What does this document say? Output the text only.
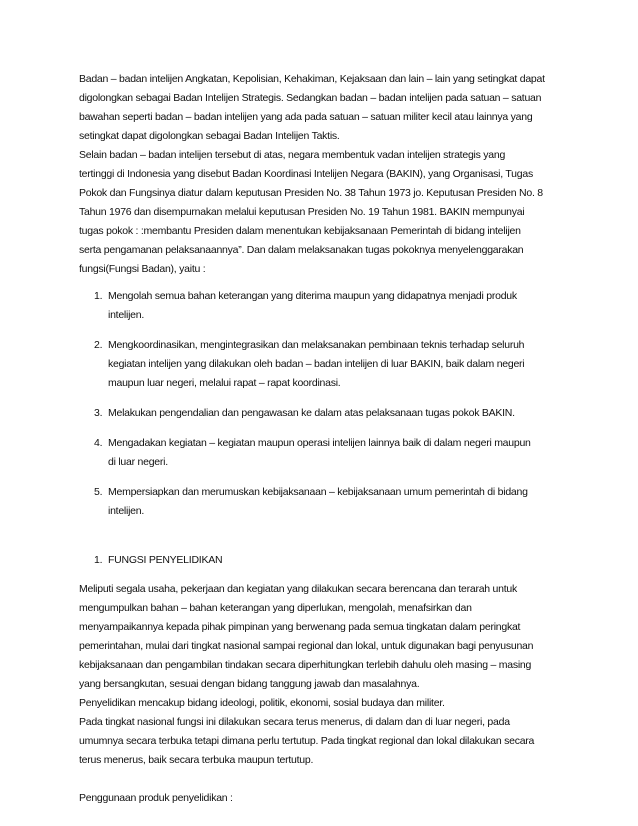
Badan – badan intelijen Angkatan, Kepolisian, Kehakiman, Kejaksaan dan lain – lain yang setingkat dapat
digolongkan sebagai Badan Intelijen Strategis. Sedangkan badan – badan intelijen pada satuan – satuan
bawahan seperti badan – badan intelijen yang ada pada satuan – satuan militer kecil atau lainnya yang
setingkat dapat digolongkan sebagai Badan Intelijen Taktis.
Selain badan – badan intelijen tersebut di atas, negara membentuk vadan intelijen strategis yang
tertinggi di Indonesia yang disebut Badan Koordinasi Intelijen Negara (BAKIN), yang Organisasi, Tugas
Pokok dan Fungsinya diatur dalam keputusan Presiden No. 38 Tahun 1973 jo. Keputusan Presiden No. 8
Tahun 1976 dan disempurnakan melalui keputusan Presiden No. 19 Tahun 1981. BAKIN mempunyai
tugas pokok : :membantu Presiden dalam menentukan kebijaksanaan Pemerintah di bidang intelijen
serta pengamanan pelaksanaannya”. Dan dalam melaksanakan tugas pokoknya menyelenggarakan
fungsi(Fungsi Badan), yaitu :
1. Mengolah semua bahan keterangan yang diterima maupun yang didapatnya menjadi produk
intelijen.
2. Mengkoordinasikan, mengintegrasikan dan melaksanakan pembinaan teknis terhadap seluruh
kegiatan intelijen yang dilakukan oleh badan – badan intelijen di luar BAKIN, baik dalam negeri
maupun luar negeri, melalui rapat – rapat koordinasi.
3. Melakukan pengendalian dan pengawasan ke dalam atas pelaksanaan tugas pokok BAKIN.
4. Mengadakan kegiatan – kegiatan maupun operasi intelijen lainnya baik di dalam negeri maupun
di luar negeri.
5. Mempersiapkan dan merumuskan kebijaksanaan – kebijaksanaan umum pemerintah di bidang
intelijen.
1. FUNGSI PENYELIDIKAN
Meliputi segala usaha, pekerjaan dan kegiatan yang dilakukan secara berencana dan terarah untuk
mengumpulkan bahan – bahan keterangan yang diperlukan, mengolah, menafsirkan dan
menyampaikannya kepada pihak pimpinan yang berwenang pada semua tingkatan dalam peringkat
pemerintahan, mulai dari tingkat nasional sampai regional dan lokal, untuk digunakan bagi penyusunan
kebijaksanaan dan pengambilan tindakan secara diperhitungkan terlebih dahulu oleh masing – masing
yang bersangkutan, sesuai dengan bidang tanggung jawab dan masalahnya.
Penyelidikan mencakup bidang ideologi, politik, ekonomi, sosial budaya dan militer.
Pada tingkat nasional fungsi ini dilakukan secara terus menerus, di dalam dan di luar negeri, pada
umumnya secara terbuka tetapi dimana perlu tertutup. Pada tingkat regional dan lokal dilakukan secara
terus menerus, baik secara terbuka maupun tertutup.
Penggunaan produk penyelidikan :
